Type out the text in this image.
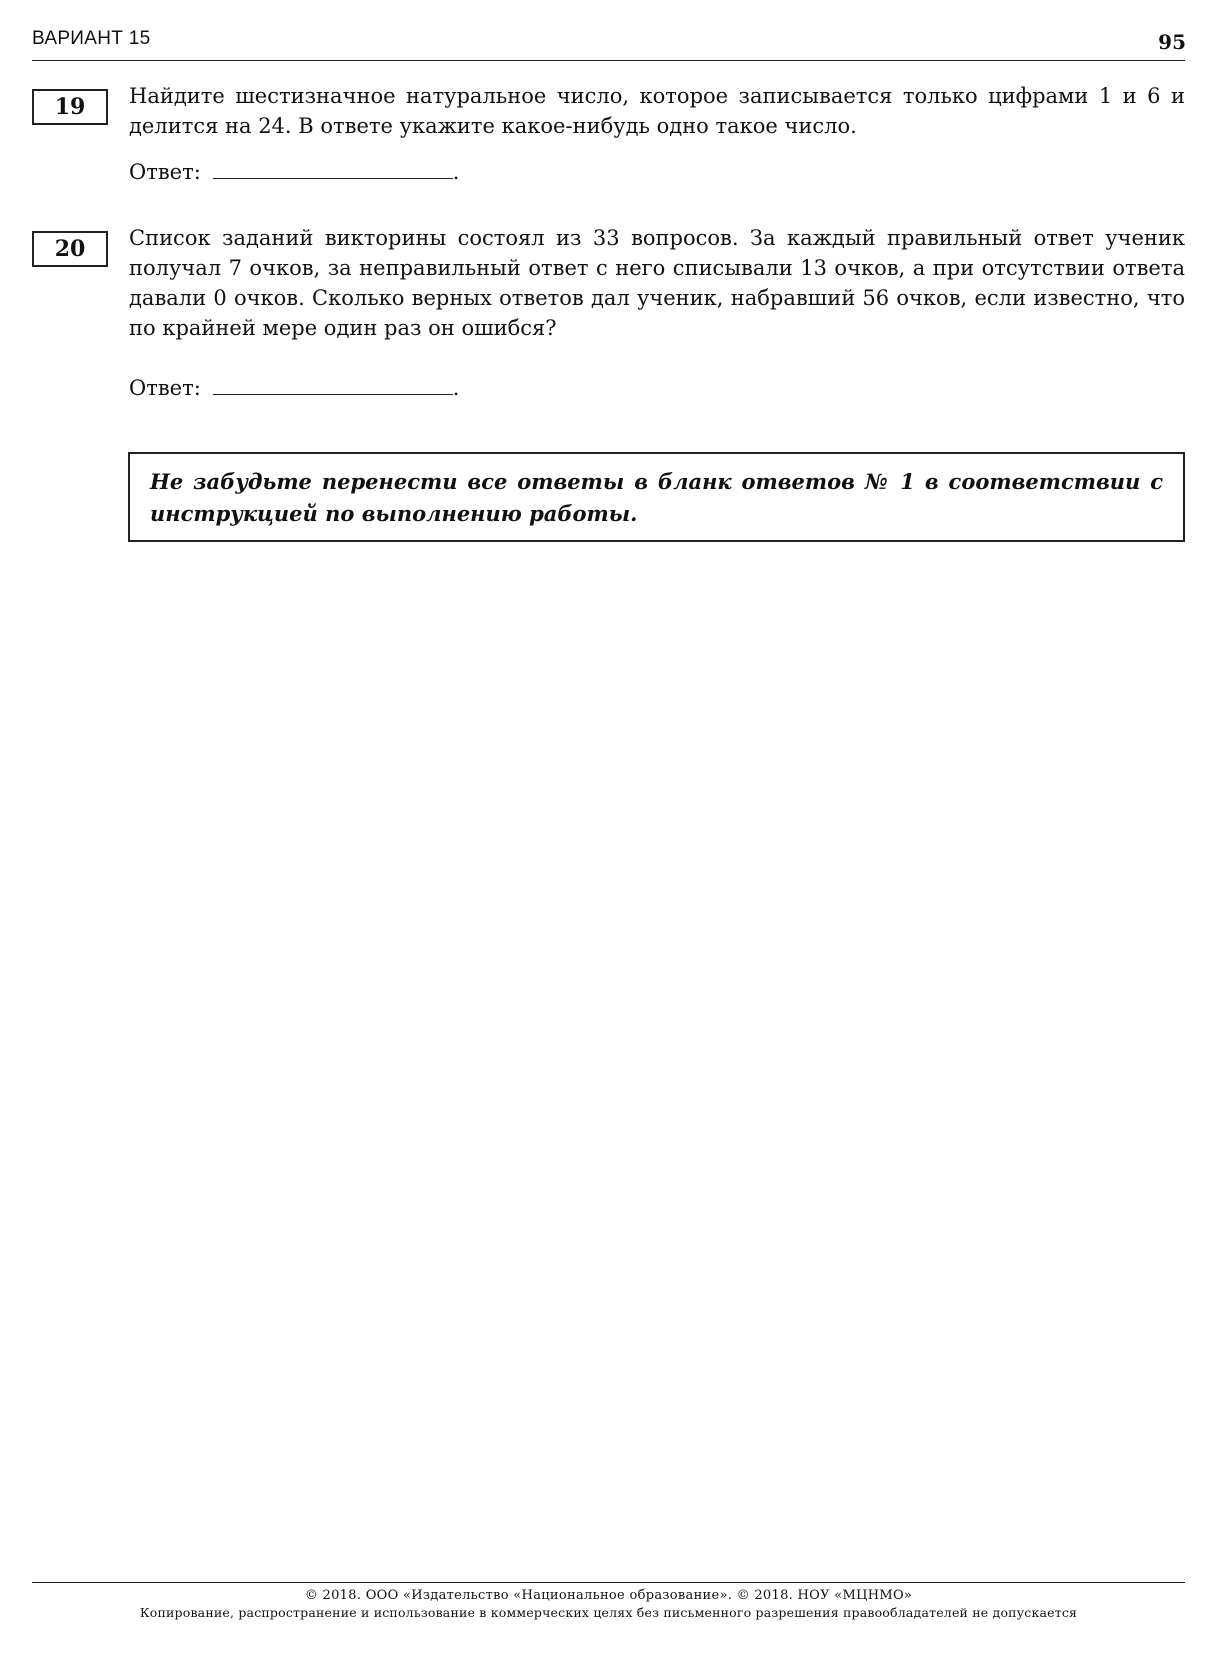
ВАРИАНТ 15	95
19	Найдите шестизначное натуральное число, которое записывается только цифрами 1 и 6 и делится на 24. В ответе укажите какое-нибудь одно такое число.

Ответ:	.
20	Список заданий викторины состоял из 33 вопросов. За каждый правильный ответ ученик получал 7 очков, за неправильный ответ с него списывали 13 очков, а при отсутствии ответа давали 0 очков. Сколько верных ответов дал ученик, набравший 56 очков, если известно, что по крайней мере один раз он ошибся?

Ответ:	.

Не забудьте перенести все ответы в бланк ответов № 1 в соответствии с инструкцией по выполнению работы.

© 2018. ООО «Издательство «Национальное образование». © 2018. НОУ «МЦНМО»
Копирование, распространение и использование в коммерческих целях без письменного разрешения правообладателей не допускается
